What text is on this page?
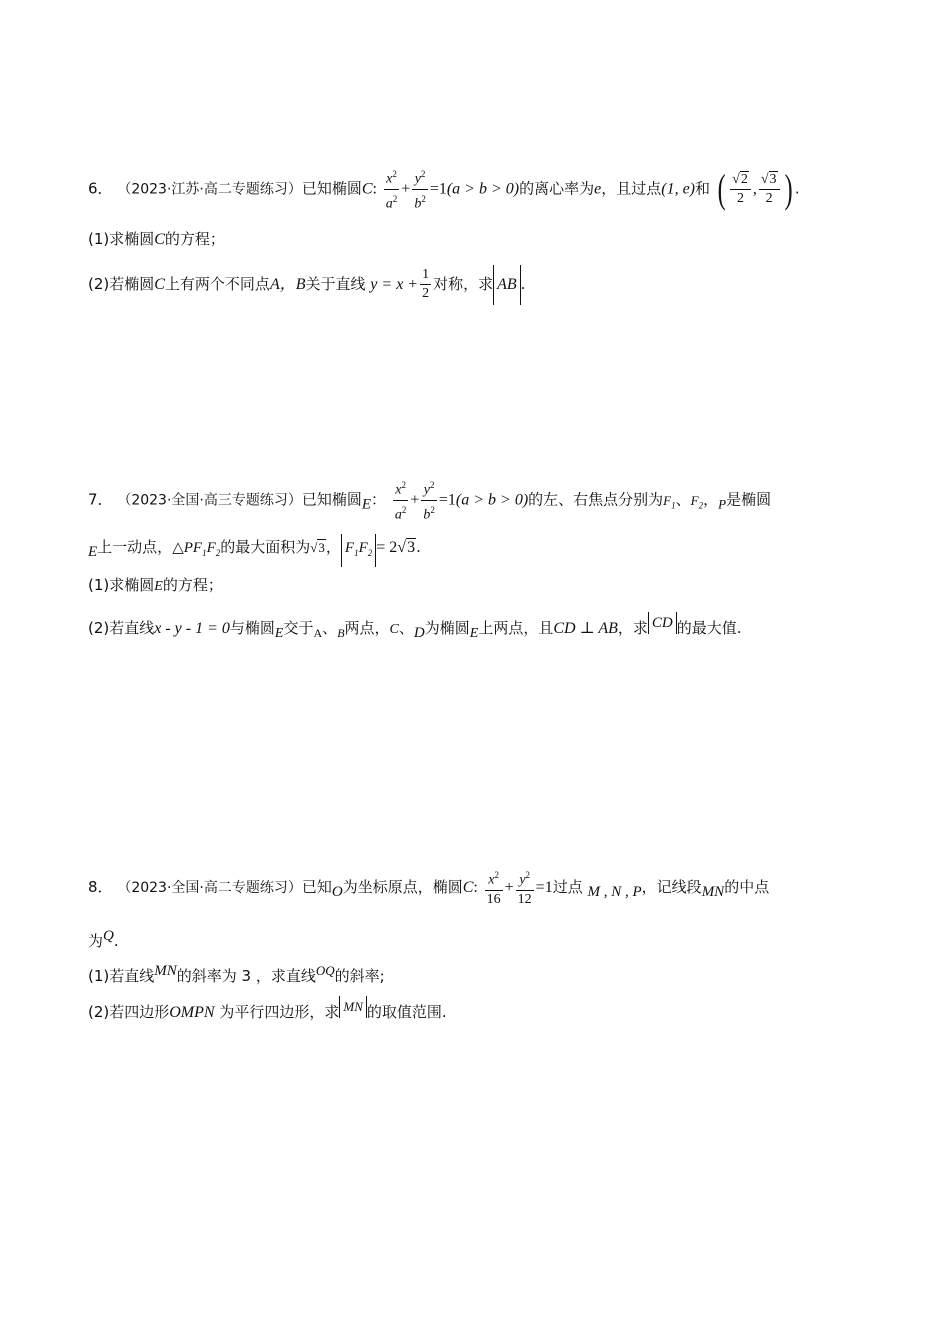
6． （2023·江苏·高二专题练习）已知椭圆C: $\frac{x^2}{a^2} + \frac{y^2}{b^2} =1(a > b > 0)$的离心率为e，且过点(1, e)和 ( $\frac{√2}{2}$ , $\frac{√3}{2}$ ) .
(1)求椭圆C的方程；
(2)若椭圆C上有两个不同点A，B关于直线 $y = x + \frac{1}{2}$ 对称，求 AB .
7． （2023·全国·高三专题练习）已知椭圆$_E$： $\frac{x^2}{a^2} + \frac{y^2}{b^2} =1(a > b > 0)$的左、右焦点分别为$F_1$、$F_2$，$_P$是椭圆
$_E$上一动点，$\triangle PF_1F_2$的最大面积为√3， $F_1F_2 = 2√3$.
(1)求椭圆E的方程；
(2)若直线x - y - 1 = 0与椭圆$_E$交于$_A$、$_B$两点，C、$_D$为椭圆$_E$上两点，且CD ⊥ AB，求 $^{CD}$ 的最大值.
8． （2023·全国·高二专题练习）已知$_O$为坐标原点，椭圆C: $\frac{x^2}{16} + \frac{y^2}{12} =1$过点 $_{M , N , P}$，记线段$_{MN}$的中点
为$^Q$.
(1)若直线$^{MN}$的斜率为 3 ，求直线$^{OQ}$的斜率;
(2)若四边形OMPN 为平行四边形，求 $^{MN}$ 的取值范围.
